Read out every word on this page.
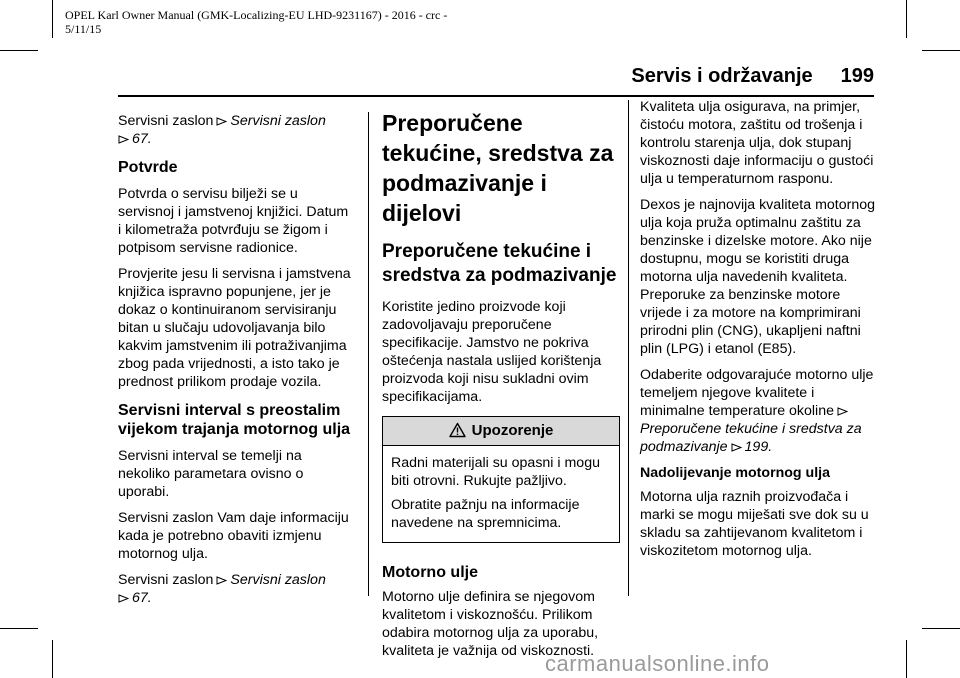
OPEL Karl Owner Manual (GMK-Localizing-EU LHD-9231167) - 2016 - crc -
5/11/15
Servis i održavanje 199

Servisni zaslon Servisni zaslon

67.

Potvrde

Potvrda o servisu bilježi se u servisnoj i jamstvenoj knjižici. Datum i kilometraža potvrđuju se žigom i potpisom servisne radionice.

Provjerite jesu li servisna i jamstvena knjižica ispravno popunjene, jer je dokaz o kontinuiranom servisiranju bitan u slučaju udovoljavanja bilo kakvim jamstvenim ili potraživanjima zbog pada vrijednosti, a isto tako je prednost prilikom prodaje vozila.

Servisni interval s preostalim vijekom trajanja motornog ulja

Servisni interval se temelji na nekoliko parametara ovisno o uporabi.

Servisni zaslon Vam daje informaciju kada je potrebno obaviti izmjenu motornog ulja.

Servisni zaslon Servisni zaslon

67.

Preporučene tekućine, sredstva za podmazivanje i dijelovi
Preporučene tekućine i sredstva za podmazivanje

Koristite jedino proizvode koji zadovoljavaju preporučene specifikacije. Jamstvo ne pokriva oštećenja nastala uslijed korištenja proizvoda koji nisu sukladni ovim specifikacijama.

Upozorenje

Radni materijali su opasni i mogu biti otrovni. Rukujte pažljivo.

Obratite pažnju na informacije navedene na spremnicima.

Motorno ulje

Motorno ulje definira se njegovom kvalitetom i viskoznošću. Prilikom odabira motornog ulja za uporabu, kvaliteta je važnija od viskoznosti.

Kvaliteta ulja osigurava, na primjer, čistoću motora, zaštitu od trošenja i kontrolu starenja ulja, dok stupanj viskoznosti daje informaciju o gustoći ulja u temperaturnom rasponu.

Dexos je najnovija kvaliteta motornog ulja koja pruža optimalnu zaštitu za benzinske i dizelske motore. Ako nije dostupnu, mogu se koristiti druga motorna ulja navedenih kvaliteta. Preporuke za benzinske motore vrijede i za motore na komprimirani prirodni plin (CNG), ukapljeni naftni plin (LPG) i etanol (E85).

Odaberite odgovarajuće motorno ulje temeljem njegove kvalitete i minimalne temperature okoline

Preporučene tekućine i sredstva za podmazivanje 199.

Nadolijevanje motornog ulja

Motorna ulja raznih proizvođača i marki se mogu miješati sve dok su u skladu sa zahtijevanom kvalitetom i viskozitetom motornog ulja.

carmanualsonline.info
